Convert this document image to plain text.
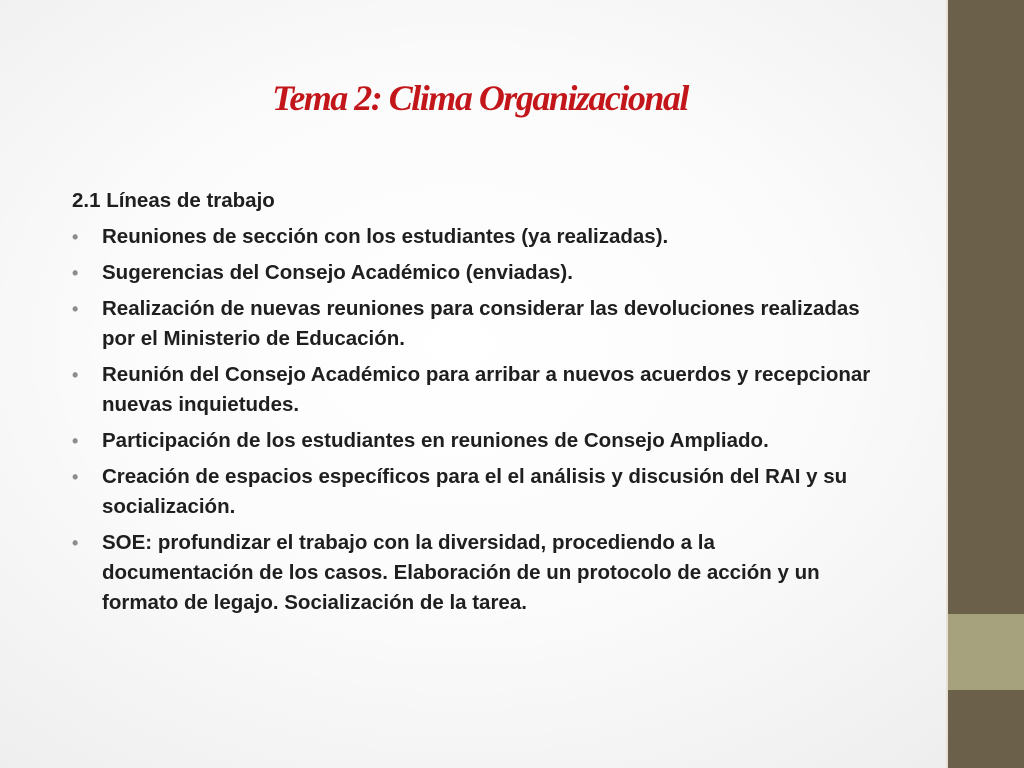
Tema 2: Clima Organizacional

2.1 Líneas de trabajo

• Reuniones de sección con los estudiantes (ya realizadas).
• Sugerencias del Consejo Académico (enviadas).
• Realización de nuevas reuniones para considerar las devoluciones realizadas por el Ministerio de Educación.
• Reunión del Consejo Académico para arribar a nuevos acuerdos y recepcionar nuevas inquietudes.
• Participación de los estudiantes en reuniones de Consejo Ampliado.
• Creación de espacios específicos para el el análisis y discusión del RAI y su socialización.
• SOE: profundizar el trabajo con la diversidad, procediendo a la documentación de los casos. Elaboración de un protocolo de acción y un formato de legajo. Socialización de la tarea.
